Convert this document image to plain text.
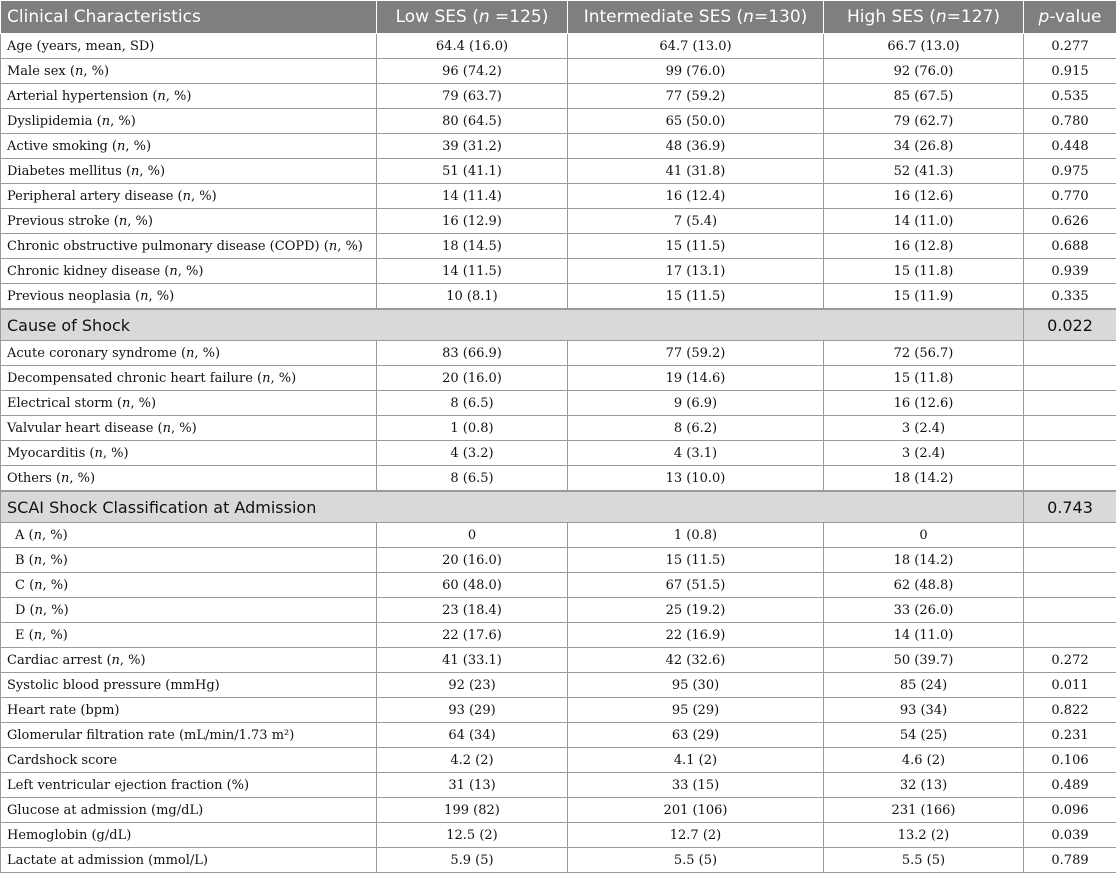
Clinical Characteristics	Low SES (n =125)	Intermediate SES (n=130)	High SES (n=127)	p-value
Age (years, mean, SD)	64.4 (16.0)	64.7 (13.0)	66.7 (13.0)	0.277
Male sex (n, %)	96 (74.2)	99 (76.0)	92 (76.0)	0.915
Arterial hypertension (n, %)	79 (63.7)	77 (59.2)	85 (67.5)	0.535
Dyslipidemia (n, %)	80 (64.5)	65 (50.0)	79 (62.7)	0.780
Active smoking (n, %)	39 (31.2)	48 (36.9)	34 (26.8)	0.448
Diabetes mellitus (n, %)	51 (41.1)	41 (31.8)	52 (41.3)	0.975
Peripheral artery disease (n, %)	14 (11.4)	16 (12.4)	16 (12.6)	0.770
Previous stroke (n, %)	16 (12.9)	7 (5.4)	14 (11.0)	0.626
Chronic obstructive pulmonary disease (COPD) (n, %)	18 (14.5)	15 (11.5)	16 (12.8)	0.688
Chronic kidney disease (n, %)	14 (11.5)	17 (13.1)	15 (11.8)	0.939
Previous neoplasia (n, %)	10 (8.1)	15 (11.5)	15 (11.9)	0.335
Cause of Shock				0.022
Acute coronary syndrome (n, %)	83 (66.9)	77 (59.2)	72 (56.7)	
Decompensated chronic heart failure (n, %)	20 (16.0)	19 (14.6)	15 (11.8)	
Electrical storm (n, %)	8 (6.5)	9 (6.9)	16 (12.6)	
Valvular heart disease (n, %)	1 (0.8)	8 (6.2)	3 (2.4)	
Myocarditis (n, %)	4 (3.2)	4 (3.1)	3 (2.4)	
Others (n, %)	8 (6.5)	13 (10.0)	18 (14.2)	
SCAI Shock Classification at Admission				0.743
A (n, %)	0	1 (0.8)	0	
B (n, %)	20 (16.0)	15 (11.5)	18 (14.2)	
C (n, %)	60 (48.0)	67 (51.5)	62 (48.8)	
D (n, %)	23 (18.4)	25 (19.2)	33 (26.0)	
E (n, %)	22 (17.6)	22 (16.9)	14 (11.0)	
Cardiac arrest (n, %)	41 (33.1)	42 (32.6)	50 (39.7)	0.272
Systolic blood pressure (mmHg)	92 (23)	95 (30)	85 (24)	0.011
Heart rate (bpm)	93 (29)	95 (29)	93 (34)	0.822
Glomerular filtration rate (mL/min/1.73 m²)	64 (34)	63 (29)	54 (25)	0.231
Cardshock score	4.2 (2)	4.1 (2)	4.6 (2)	0.106
Left ventricular ejection fraction (%)	31 (13)	33 (15)	32 (13)	0.489
Glucose at admission (mg/dL)	199 (82)	201 (106)	231 (166)	0.096
Hemoglobin (g/dL)	12.5 (2)	12.7 (2)	13.2 (2)	0.039
Lactate at admission (mmol/L)	5.9 (5)	5.5 (5)	5.5 (5)	0.789
